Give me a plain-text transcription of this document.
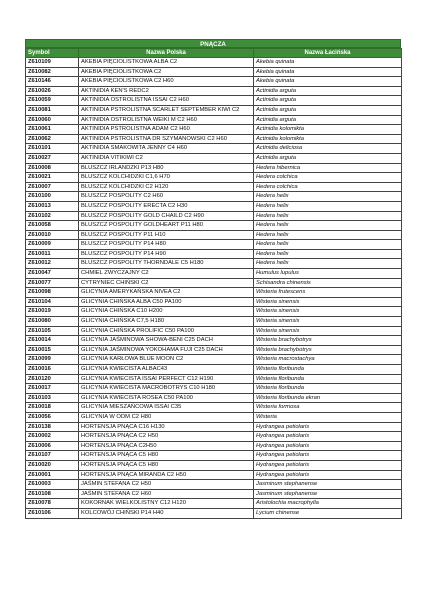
PNĄCZA
Symbol	Nazwa Polska	Nazwa Łacińska
Z610109	AKEBIA PIĘCIOLISTKOWA ALBA C2	Akebia quinata
Z610082	AKEBIA PIĘCIOLISTKOWA C2	Akebia quinata
Z610146	AKEBIA PIĘCIOLISTKOWA C2 H60	Akebia quinata
Z610026	AKTINIDIA KEN'S REDC2	Actinidia arguta
Z610059	AKTINIDIA OSTROLISTNA ISSAI C2 H60	Actinidia arguta
Z610081	AKTINIDIA PSTROLISTNA SCARLET SEPTEMBER KIWI C2	Actinidia arguta
Z610060	AKTINIDIA OSTROLISTNA WEIKI M C2 H60	Actinidia arguta
Z610061	AKTINIDIA PSTROLISTNA ADAM C2 H60	Actinidia kolomikta
Z610062	AKTINIDIA PSTROLISTNA DR SZYMANOWSKI C2 H60	Actinidia kolomikta
Z610101	AKTINIDIA SMAKOWITA JENNY C4 H60	Actinidia deliciosa
Z610027	AKTINIDIA VITIKIWI C2	Actinidia arguta
Z610008	BLUSZCZ IRLANDZKI P13 H80	Hedera hibernica
Z610021	BLUSZCZ KOLCHIDZKI C1,6 H70	Hedera colchica
Z610007	BLUSZCZ KOLCHIDZKI C2 H120	Hedera colchica
Z610100	BLUSZCZ POSPOLITY C2 H60	Hedera helix
Z610013	BLUSZCZ POSPOLITY ERECTA C2 H30	Hedera helix
Z610102	BLUSZCZ POSPOLITY GOLD CHAILD C2 H90	Hedera helix
Z610058	BLUSZCZ POSPOLITY GOLDHEART P11 H80	Hedera helix
Z610010	BLUSZCZ POSPOLITY P11 H10	Hedera helix
Z610009	BLUSZCZ POSPOLITY P14 H80	Hedera helix
Z610011	BLUSZCZ POSPOLITY P14 H90	Hedera helix
Z610012	BLUSZCZ POSPOLITY THORNDALE C5 H180	Hedera helix
Z610047	CHMIEL ZWYCZAJNY C2	Humulus lupulus
Z610077	CYTRYNIEC CHIŃSKI C2	Schisandra chinensis
Z610098	GLICYNIA AMERYKAŃSKA NIVEA C2	Wisteria frutescens
Z610104	GLICYNIA CHIŃSKA ALBA C50 PA100	Wisteria sinensis
Z610019	GLICYNIA CHIŃSKA C10 H200	Wisteria sinensis
Z610080	GLICYNIA CHIŃSKA C7,5 H180	Wisteria sinensis
Z610105	GLICYNIA CHIŃSKA PROLIFIC C50 PA100	Wisteria sinensis
Z610014	GLICYNIA JAŚMINOWA SHOWA-BENI C25 DACH	Wisteria brachybotrys
Z610015	GLICYNIA JAŚMINOWA YOKOHAMA FUJI C25 DACH	Wisteria brachybotrys
Z610099	GLICYNIA KARŁOWA BLUE MOON C2	Wisteria macrostachya
Z610016	GLICYNIA KWIECISTA ALBAC43	Wisteria floribunda
Z610120	GLICYNIA KWIECISTA ISSAI PERFECT C12 H190	Wisteria floribunda
Z610017	GLICYNIA KWIECISTA MACROBOTRYS C10 H180	Wisteria floribunda
Z610103	GLICYNIA KWIECISTA ROSEA C50 PA100	Wisteria floribunda ekran
Z610018	GLICYNIA MIESZAŃCOWA ISSAI C35	Wisteria formosa
Z610056	GLICYNIA W ODM C2 H80	Wisteria
Z610138	HORTENSJA PNĄCA C16 H130	Hydrangea petiolaris
Z610002	HORTENSJA PNĄCA C2 H50	Hydrangea petiolaris
Z610006	HORTENSJA PNĄCA C2H50	Hydrangea petiolaris
Z610107	HORTENSJA PNĄCA C5 H80	Hydrangea petiolaris
Z610020	HORTENSJA PNĄCA C5 H80	Hydrangea petiolaris
Z610001	HORTENSJA PNĄCA MIRANDA C2 H50	Hydrangea petiolaris
Z610003	JAŚMIN STEFANA C2 H50	Jasminum stephanense
Z610108	JAŚMIN STEFANA C2 H60	Jasminum stephanense
Z610078	KOKORNAK WIELKOLISTNY C12 H120	Aristolochia macrophylla
Z610106	KOLCOWÓJ CHIŃSKI P14 H40	Lycium chinense
